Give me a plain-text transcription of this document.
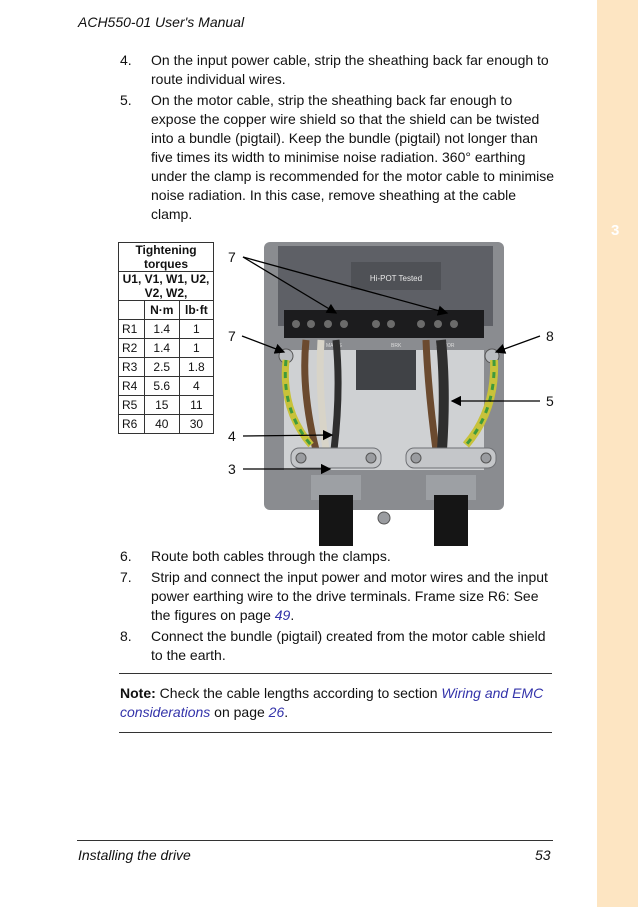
3
ACH550-01 User's Manual
4. On the input power cable, strip the sheathing back far enough to route individual wires.
5. On the motor cable, strip the sheathing back far enough to expose the copper wire shield so that the shield can be twisted into a bundle (pigtail). Keep the bundle (pigtail) not longer than five times its width to minimise noise radiation. 360° earthing under the clamp is recommended for the motor cable to minimise noise radiation. In this case, remove sheathing at the cable clamp.
Tightening torques		
U1, V1, W1, U2, V2, W2,		
	N·m	lb·ft
R1	1.4	1
R2	1.4	1
R3	2.5	1.8
R4	5.6	4
R5	15	11
R6	40	30
7
7	8
5
4
3
Hi-POT Tested
MAINS	BRK	MOTOR
6. Route both cables through the clamps.
7. Strip and connect the input power and motor wires and the input power earthing wire to the drive terminals. Frame size R6: See the figures on page 49.
8. Connect the bundle (pigtail) created from the motor cable shield to the earth.
Note: Check the cable lengths according to section Wiring and EMC considerations on page 26.
Installing the drive	53
